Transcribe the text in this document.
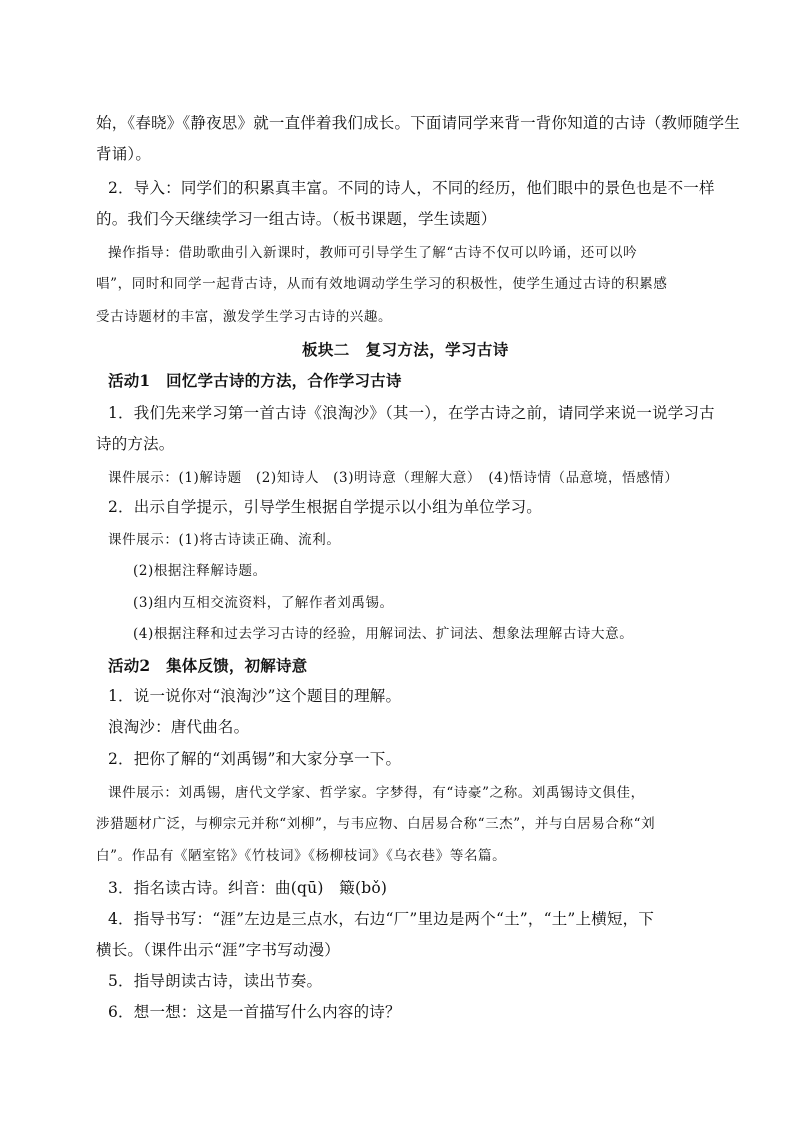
始，《春晓》《静夜思》就一直伴着我们成长。下面请同学来背一背你知道的古诗（教师随学生
背诵）。
2．导入：同学们的积累真丰富。不同的诗人，不同的经历，他们眼中的景色也是不一样
的。我们今天继续学习一组古诗。（板书课题，学生读题）
操作指导：借助歌曲引入新课时，教师可引导学生了解“古诗不仅可以吟诵，还可以吟
唱”，同时和同学一起背古诗，从而有效地调动学生学习的积极性，使学生通过古诗的积累感
受古诗题材的丰富，激发学生学习古诗的兴趣。
板块二　复习方法，学习古诗
活动1　回忆学古诗的方法，合作学习古诗
1．我们先来学习第一首古诗《浪淘沙》（其一），在学古诗之前，请同学来说一说学习古
诗的方法。
课件展示：(1)解诗题　(2)知诗人　(3)明诗意（理解大意）　(4)悟诗情（品意境，悟感情）
2．出示自学提示，引导学生根据自学提示以小组为单位学习。
课件展示：(1)将古诗读正确、流利。
(2)根据注释解诗题。
(3)组内互相交流资料，了解作者刘禹锡。
(4)根据注释和过去学习古诗的经验，用解词法、扩词法、想象法理解古诗大意。
活动2　集体反馈，初解诗意
1．说一说你对“浪淘沙”这个题目的理解。
浪淘沙：唐代曲名。
2．把你了解的“刘禹锡”和大家分享一下。
课件展示：刘禹锡，唐代文学家、哲学家。字梦得，有“诗豪”之称。刘禹锡诗文俱佳，
涉猎题材广泛，与柳宗元并称“刘柳”，与韦应物、白居易合称“三杰”，并与白居易合称“刘
白”。作品有《陋室铭》《竹枝词》《杨柳枝词》《乌衣巷》等名篇。
3．指名读古诗。纠音：曲(qū)　簸(bǒ)
4．指导书写：“涯”左边是三点水，右边“厂”里边是两个“土”，“土”上横短，下
横长。（课件出示“涯”字书写动漫）
5．指导朗读古诗，读出节奏。
6．想一想：这是一首描写什么内容的诗？
